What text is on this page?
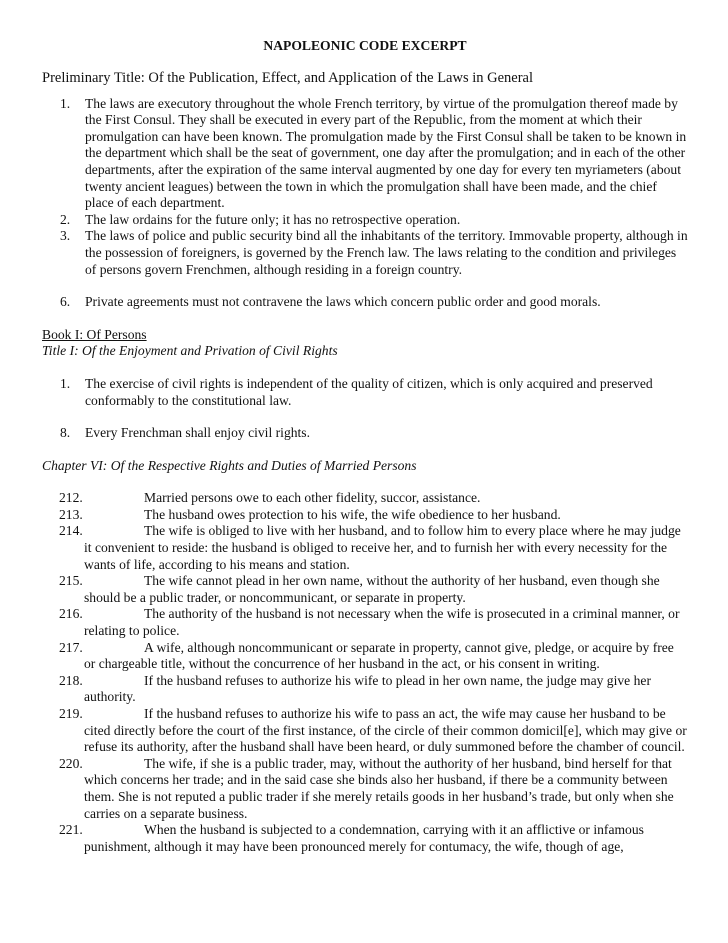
NAPOLEONIC CODE EXCERPT

Preliminary Title: Of the Publication, Effect, and Application of the Laws in General

1. The laws are executory throughout the whole French territory, by virtue of the promulgation thereof made by the First Consul. They shall be executed in every part of the Republic, from the moment at which their promulgation can have been known. The promulgation made by the First Consul shall be taken to be known in the department which shall be the seat of government, one day after the promulgation; and in each of the other departments, after the expiration of the same interval augmented by one day for every ten myriameters (about twenty ancient leagues) between the town in which the promulgation shall have been made, and the chief place of each department.
2. The law ordains for the future only; it has no retrospective operation.
3. The laws of police and public security bind all the inhabitants of the territory. Immovable property, although in the possession of foreigners, is governed by the French law. The laws relating to the condition and privileges of persons govern Frenchmen, although residing in a foreign country.
6. Private agreements must not contravene the laws which concern public order and good morals.

Book I: Of Persons

Title I: Of the Enjoyment and Privation of Civil Rights

1. The exercise of civil rights is independent of the quality of citizen, which is only acquired and preserved conformably to the constitutional law.
8. Every Frenchman shall enjoy civil rights.

Chapter VI: Of the Respective Rights and Duties of Married Persons

212.	Married persons owe to each other fidelity, succor, assistance.

213.	The husband owes protection to his wife, the wife obedience to her husband.

214.	The wife is obliged to live with her husband, and to follow him to every place where he may judge it convenient to reside: the husband is obliged to receive her, and to furnish her with every necessity for the wants of life, according to his means and station.

215.	The wife cannot plead in her own name, without the authority of her husband, even though she should be a public trader, or noncommunicant, or separate in property.

216.	The authority of the husband is not necessary when the wife is prosecuted in a criminal manner, or relating to police.

217.	A wife, although noncommunicant or separate in property, cannot give, pledge, or acquire by free or chargeable title, without the concurrence of her husband in the act, or his consent in writing.

218.	If the husband refuses to authorize his wife to plead in her own name, the judge may give her authority.

219.	If the husband refuses to authorize his wife to pass an act, the wife may cause her husband to be cited directly before the court of the first instance, of the circle of their common domicil[e], which may give or refuse its authority, after the husband shall have been heard, or duly summoned before the chamber of council.

220.	The wife, if she is a public trader, may, without the authority of her husband, bind herself for that which concerns her trade; and in the said case she binds also her husband, if there be a community between them. She is not reputed a public trader if she merely retails goods in her husband’s trade, but only when she carries on a separate business.

221.	When the husband is subjected to a condemnation, carrying with it an afflictive or infamous punishment, although it may have been pronounced merely for contumacy, the wife, though of age,
